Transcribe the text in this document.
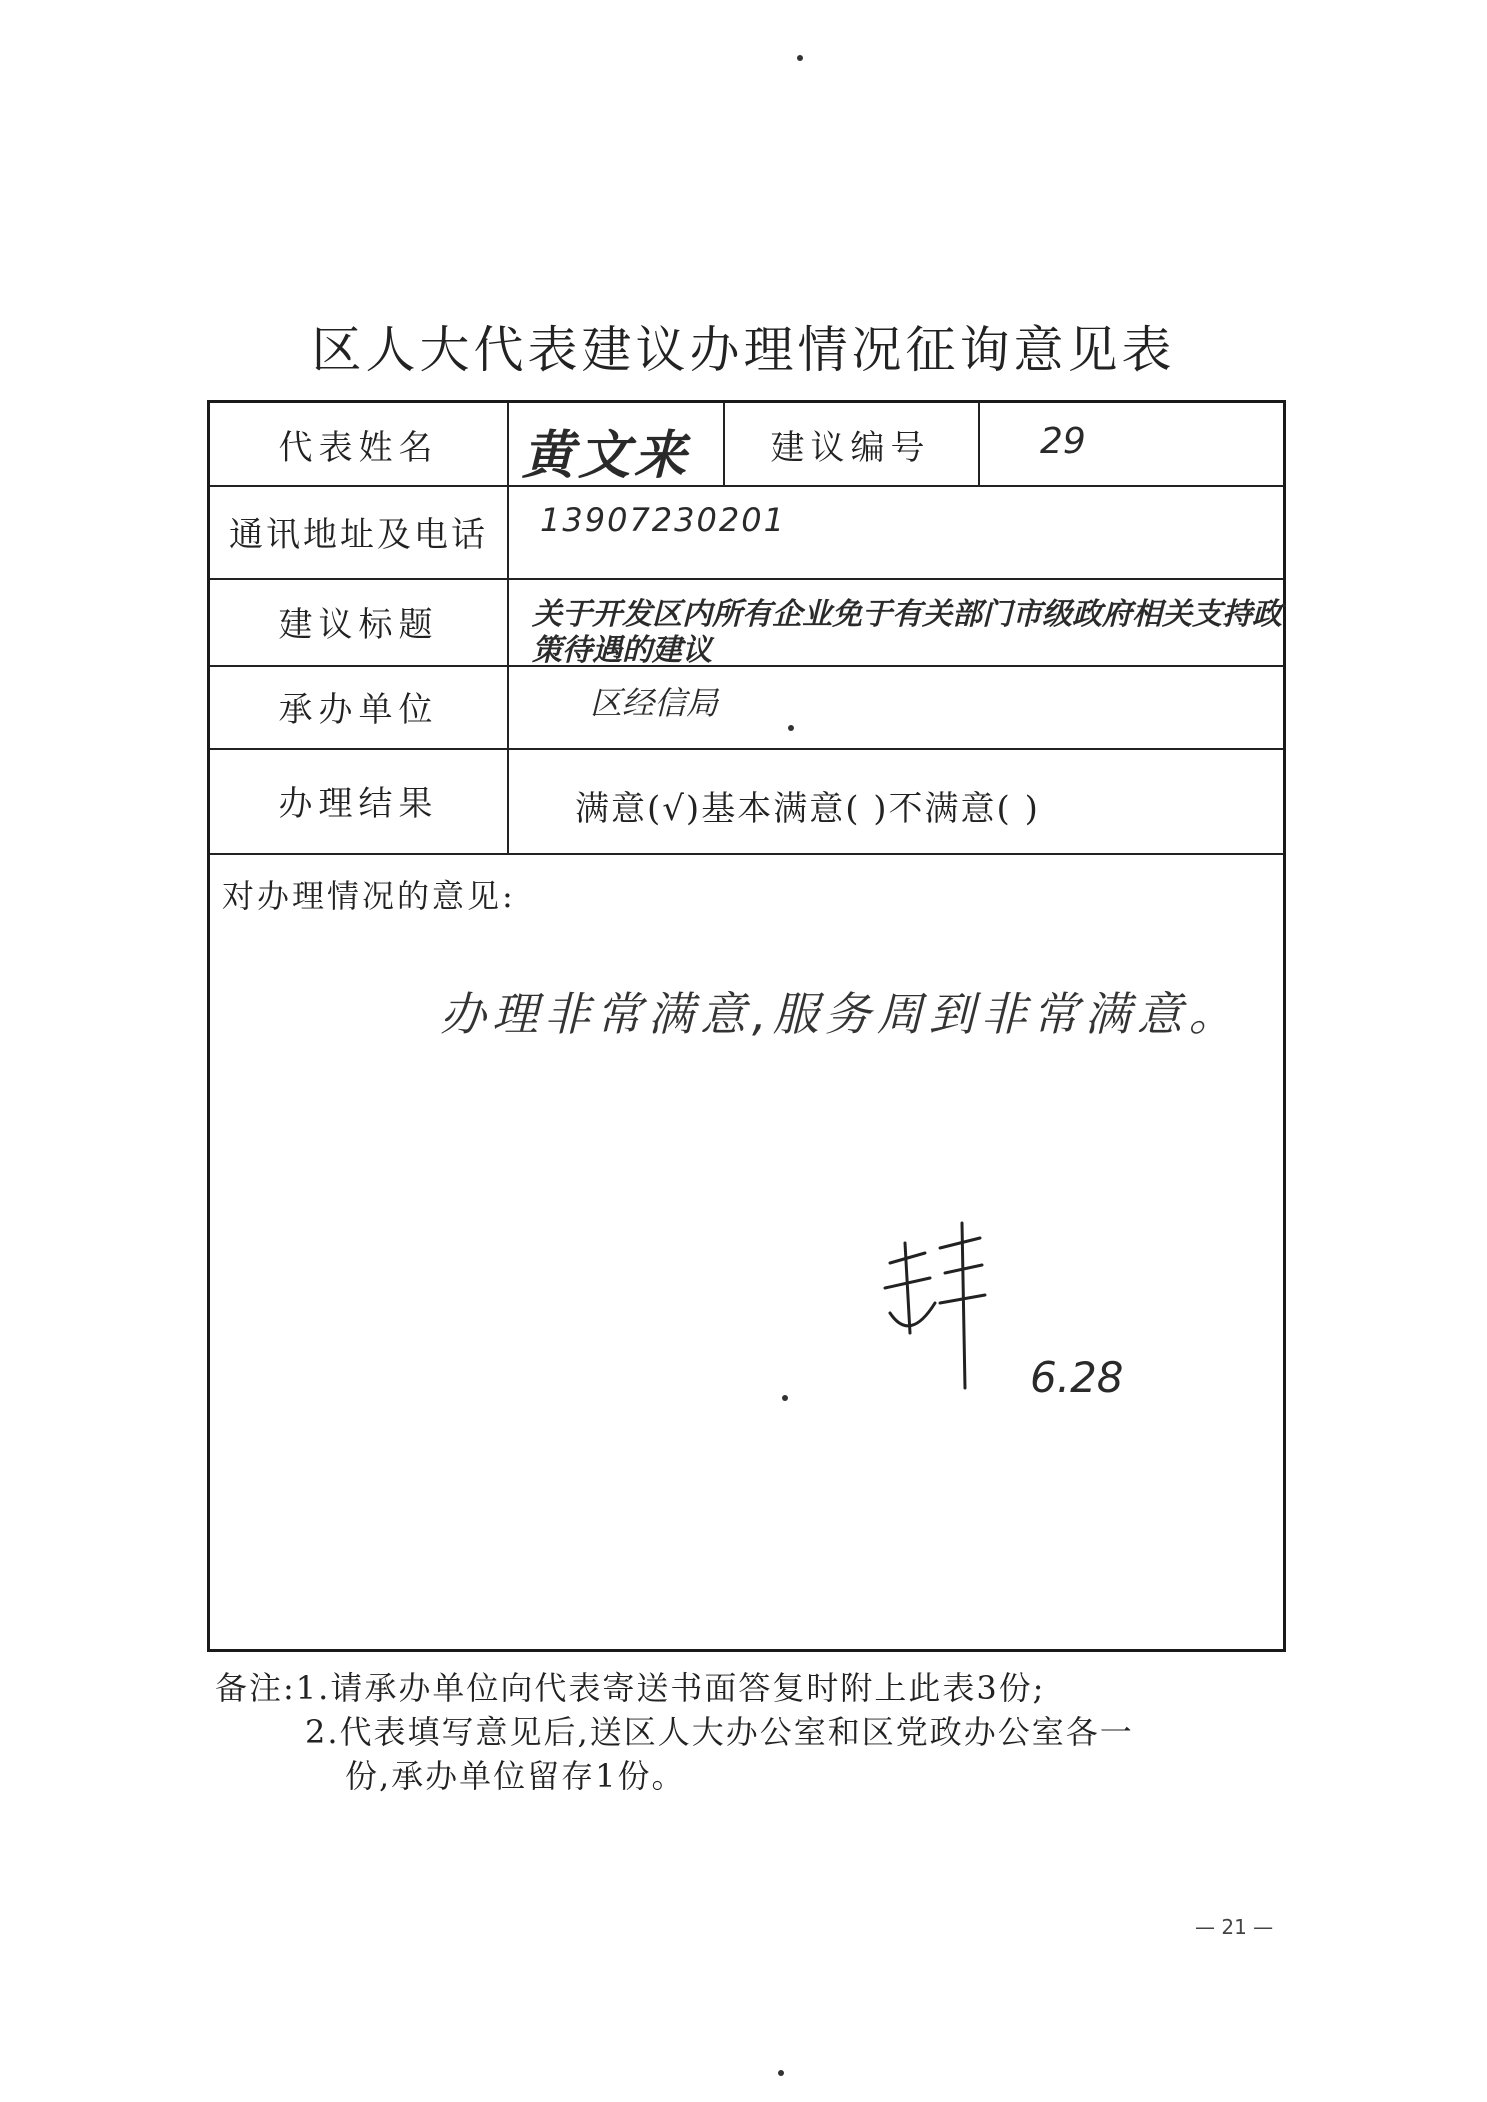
区人大代表建议办理情况征询意见表
代表姓名	黄文来	建议编号	29
通讯地址及电话	13907230201
建议标题	关于开发区内所有企业免于有关部门市级政府相关支持政
策待遇的建议
承办单位	区经信局
办理结果	满意(√)基本满意( )不满意( )
对办理情况的意见:
办理非常满意,服务周到非常满意。
6.28
备注:1.请承办单位向代表寄送书面答复时附上此表3份;
2.代表填写意见后,送区人大办公室和区党政办公室各一
份,承办单位留存1份。
— 21 —
